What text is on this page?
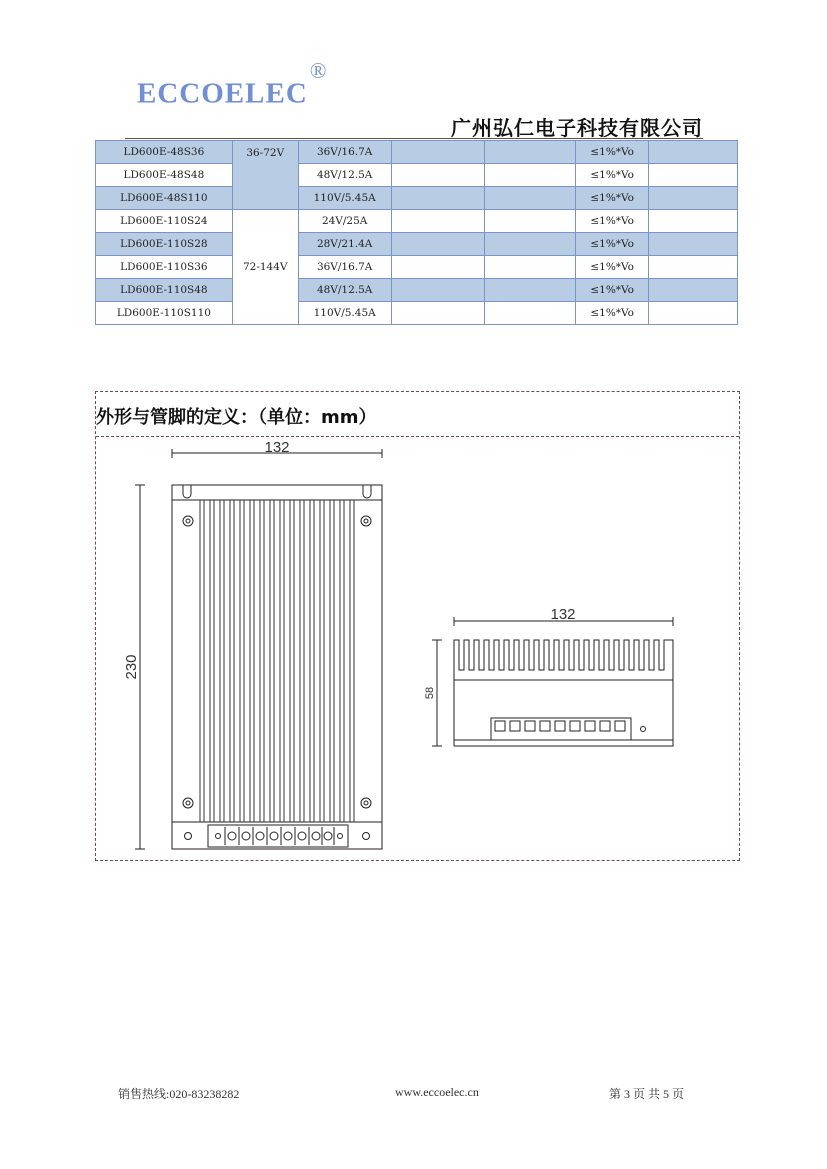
ECCOELEC®
广州弘仁电子科技有限公司
LD600E-48S36	36-72V	36V/16.7A			≤1%*Vo	
LD600E-48S48		48V/12.5A			≤1%*Vo	
LD600E-48S110		110V/5.45A			≤1%*Vo	
LD600E-110S24	72-144V	24V/25A			≤1%*Vo	
LD600E-110S28		28V/21.4A			≤1%*Vo	
LD600E-110S36		36V/16.7A			≤1%*Vo	
LD600E-110S48		48V/12.5A			≤1%*Vo	
LD600E-110S110		110V/5.45A			≤1%*Vo	
外形与管脚的定义：（单位：mm）
132
230
132
58
销售热线:020-83238282	www.eccoelec.cn	第 3 页 共 5 页
